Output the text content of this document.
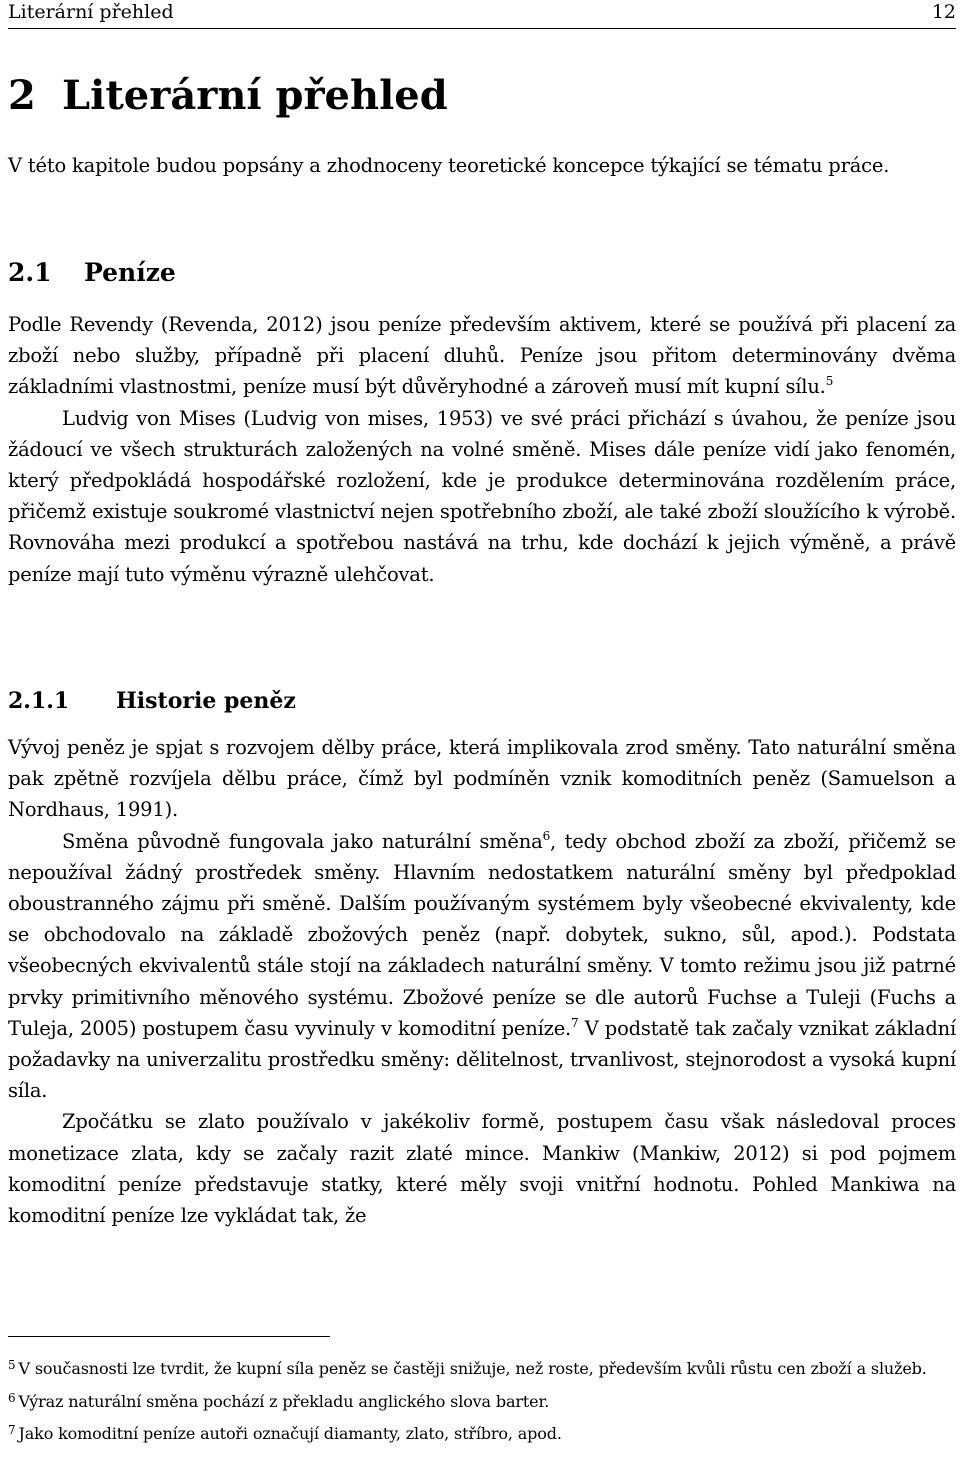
Literární přehled	12
2 Literární přehled

V této kapitole budou popsány a zhodnoceny teoretické koncepce týkající se tématu práce.

2.1 Peníze

Podle Revendy (Revenda, 2012) jsou peníze především aktivem, které se používá při placení za zboží nebo služby, případně při placení dluhů. Peníze jsou přitom determinovány dvěma základními vlastnostmi, peníze musí být důvěryhodné a zároveň musí mít kupní sílu.$^5$

Ludvig von Mises (Ludvig von mises, 1953) ve své práci přichází s úvahou, že peníze jsou žádoucí ve všech strukturách založených na volné směně. Mises dále peníze vidí jako fenomén, který předpokládá hospodářské rozložení, kde je produkce determinována rozdělením práce, přičemž existuje soukromé vlastnictví nejen spotřebního zboží, ale také zboží sloužícího k výrobě. Rovnováha mezi produkcí a spotřebou nastává na trhu, kde dochází k jejich výměně, a právě peníze mají tuto výměnu výrazně ulehčovat.

2.1.1 Historie peněz

Vývoj peněz je spjat s rozvojem dělby práce, která implikovala zrod směny. Tato naturální směna pak zpětně rozvíjela dělbu práce, čímž byl podmíněn vznik komoditních peněz (Samuelson a Nordhaus, 1991).

Směna původně fungovala jako naturální směna$^6$, tedy obchod zboží za zboží, přičemž se nepoužíval žádný prostředek směny. Hlavním nedostatkem naturální směny byl předpoklad oboustranného zájmu při směně. Dalším používaným systémem byly všeobecné ekvivalenty, kde se obchodovalo na základě zbožových peněz (např. dobytek, sukno, sůl, apod.). Podstata všeobecných ekvivalentů stále stojí na základech naturální směny. V tomto režimu jsou již patrné prvky primitivního měnového systému. Zbožové peníze se dle autorů Fuchse a Tuleji (Fuchs a Tuleja, 2005) postupem času vyvinuly v komoditní peníze.$^7$ V podstatě tak začaly vznikat základní požadavky na univerzalitu prostředku směny: dělitelnost, trvanlivost, stejnorodost a vysoká kupní síla.

Zpočátku se zlato používalo v jakékoliv formě, postupem času však následoval proces monetizace zlata, kdy se začaly razit zlaté mince. Mankiw (Mankiw, 2012) si pod pojmem komoditní peníze představuje statky, které měly svoji vnitřní hodnotu. Pohled Mankiwa na komoditní peníze lze vykládat tak, že

$^5$ V současnosti lze tvrdit, že kupní síla peněz se častěji snižuje, než roste, především kvůli růstu cen zboží a služeb.

$^6$ Výraz naturální směna pochází z překladu anglického slova barter.

$^7$ Jako komoditní peníze autoři označují diamanty, zlato, stříbro, apod.
